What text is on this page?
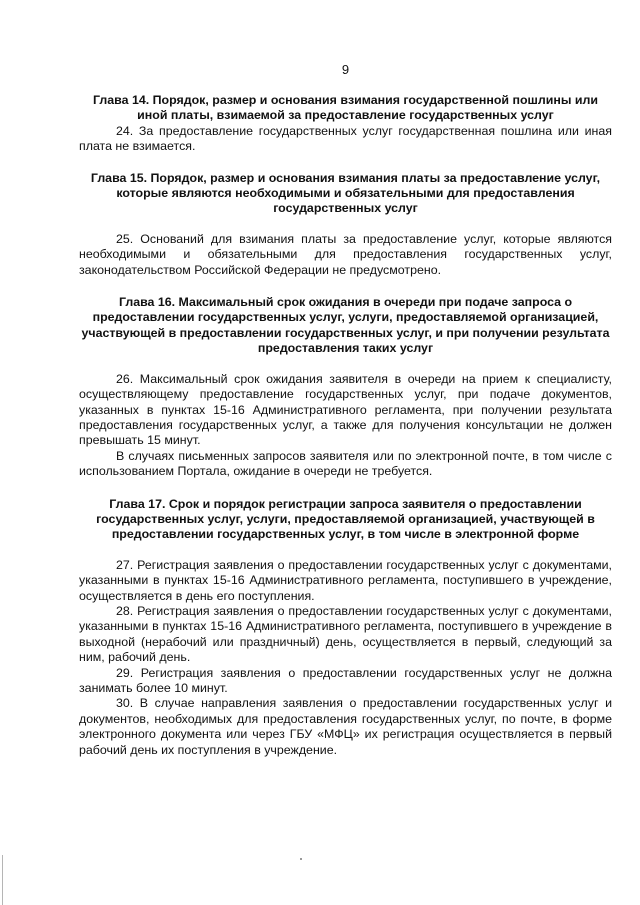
9

Глава 14. Порядок, размер и основания взимания государственной пошлины или иной платы, взимаемой за предоставление государственных услуг

24. За предоставление государственных услуг государственная пошлина или иная плата не взимается.

Глава 15. Порядок, размер и основания взимания платы за предоставление услуг, которые являются необходимыми и обязательными для предоставления государственных услуг

25. Оснований для взимания платы за предоставление услуг, которые являются необходимыми и обязательными для предоставления государственных услуг, законодательством Российской Федерации не предусмотрено.

Глава 16. Максимальный срок ожидания в очереди при подаче запроса о предоставлении государственных услуг, услуги, предоставляемой организацией, участвующей в предоставлении государственных услуг, и при получении результата предоставления таких услуг

26. Максимальный срок ожидания заявителя в очереди на прием к специалисту, осуществляющему предоставление государственных услуг, при подаче документов, указанных в пунктах 15-16 Административного регламента, при получении результата предоставления государственных услуг, а также для получения консультации не должен превышать 15 минут.

В случаях письменных запросов заявителя или по электронной почте, в том числе с использованием Портала, ожидание в очереди не требуется.

Глава 17. Срок и порядок регистрации запроса заявителя о предоставлении государственных услуг, услуги, предоставляемой организацией, участвующей в предоставлении государственных услуг, в том числе в электронной форме

27. Регистрация заявления о предоставлении государственных услуг с документами, указанными в пунктах 15-16 Административного регламента, поступившего в учреждение, осуществляется в день его поступления.

28. Регистрация заявления о предоставлении государственных услуг с документами, указанными в пунктах 15-16 Административного регламента, поступившего в учреждение в выходной (нерабочий или праздничный) день, осуществляется в первый, следующий за ним, рабочий день.

29. Регистрация заявления о предоставлении государственных услуг не должна занимать более 10 минут.

30. В случае направления заявления о предоставлении государственных услуг и документов, необходимых для предоставления государственных услуг, по почте, в форме электронного документа или через ГБУ «МФЦ» их регистрация осуществляется в первый рабочий день их поступления в учреждение.
